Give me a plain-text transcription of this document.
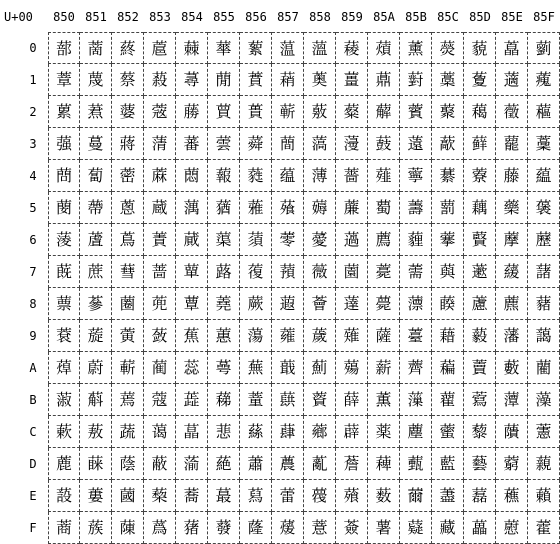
U+00	850 851 852 853 854 855 856 857 858 859 85A 85B 85C 85D 85E 85F
0
1
2
3
4
5
6
7
8
9
A
B
C
D
E
F
蔀 蔐 蔠 蔰 蕀 蕐 蕠 蕰 薀 薐 薠 薰 藀 藐 藠 藰
蔁 蔑 蔡 蔱 蕁 蕑 蕡 蕱 薁 薑 薡 薱 藁 藑 藡 藱
蔂 蔒 蔢 蔲 蕂 蕒 蕢 蕲 薂 薒 薢 薲 藂 藒 藢 藲
蔃 蔓 蔣 蔳 蕃 蕓 蕣 蕳 薃 薓 薣 薳 藃 藓 藣 藳
蔄 蔔 蔤 蔴 蕄 蕔 蕤 蕴 薄 薔 薤 薴 藄 藔 藤 藴
蔅 蔕 蔥 蔵 蕅 蕕 蕥 蕵 薅 薕 薥 薵 藅 藕 藥 藵
蔆 蔖 蔦 蔶 蕆 蕖 蕦 蕶 薆 薖 薦 薶 藆 藖 藦 藶
蔇 蔗 蔧 蔷 蕇 蕗 蕧 蕷 薇 薗 薧 薷 藇 藗 藧 藷
蔈 蔘 蔨 蔸 蕈 蕘 蕨 蕸 薈 薘 薨 薸 藈 藘 藨 藸
蔉 蔙 蔩 蔹 蕉 蕙 蕩 蕹 薉 薙 薩 薹 藉 藙 藩 藹
蔊 蔚 蔪 蔺 蕊 蕚 蕪 蕺 薊 薚 薪 薺 藊 藚 藪 藺
蔋 蔛 蔫 蔻 蕋 蕛 蕫 蕻 薋 薛 薫 薻 藋 藛 藫 藻
蔌 蔜 蔬 蔼 蕌 蕜 蕬 蕼 薌 薜 薬 薼 藌 藜 藬 藼
蔍 蔝 蔭 蔽 蕍 蕝 蕭 蕽 薍 薝 薭 薽 藍 藝 藭 藽
蔎 蔞 蔮 蔾 蕎 蕞 蕮 蕾 薎 薞 薮 薾 藎 藞 藮 藾
蔏 蔟 蔯 蔿 蕏 蕟 蕯 蕿 薏 薟 薯 薿 藏 藟 藯 藿
